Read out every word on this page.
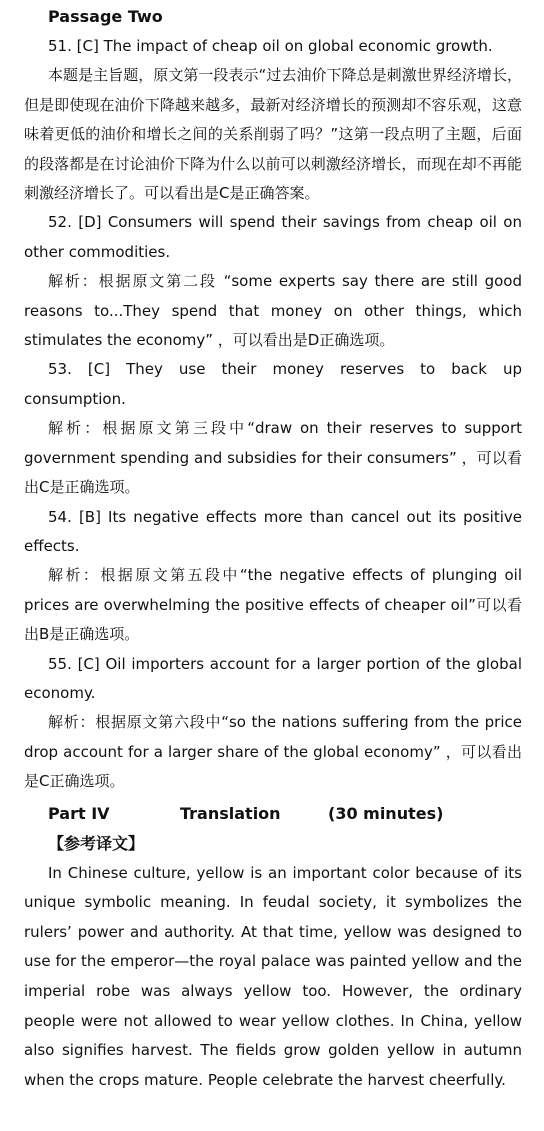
Passage Two

51. [C] The impact of cheap oil on global economic growth.

本题是主旨题，原文第一段表示“过去油价下降总是刺激世界经济增长，但是即使现在油价下降越来越多，最新对经济增长的预测却不容乐观，这意味着更低的油价和增长之间的关系削弱了吗？”这第一段点明了主题，后面的段落都是在讨论油价下降为什么以前可以刺激经济增长，而现在却不再能刺激经济增长了。可以看出是C是正确答案。

52. [D] Consumers will spend their savings from cheap oil on other commodities.

解析：根据原文第二段 “some experts say there are still good reasons to...They spend that money on other things, which stimulates the economy” ，可以看出是D正确选项。

53. [C] They use their money reserves to back up consumption.

解析：根据原文第三段中“draw on their reserves to support government spending and subsidies for their consumers” ，可以看出C是正确选项。

54. [B] Its negative effects more than cancel out its positive effects.

解析：根据原文第五段中“the negative effects of plunging oil prices are overwhelming the positive effects of cheaper oil”可以看出B是正确选项。

55. [C] Oil importers account for a larger portion of the global economy.

解析：根据原文第六段中“so the nations suffering from the price drop account for a larger share of the global economy” ，可以看出是C正确选项。

Part IV	Translation	(30 minutes)
【参考译文】

In Chinese culture, yellow is an important color because of its unique symbolic meaning. In feudal society, it symbolizes the rulers’ power and authority. At that time, yellow was designed to use for the emperor—the royal palace was painted yellow and the imperial robe was always yellow too. However, the ordinary people were not allowed to wear yellow clothes. In China, yellow also signifies harvest. The fields grow golden yellow in autumn when the crops mature. People celebrate the harvest cheerfully.
